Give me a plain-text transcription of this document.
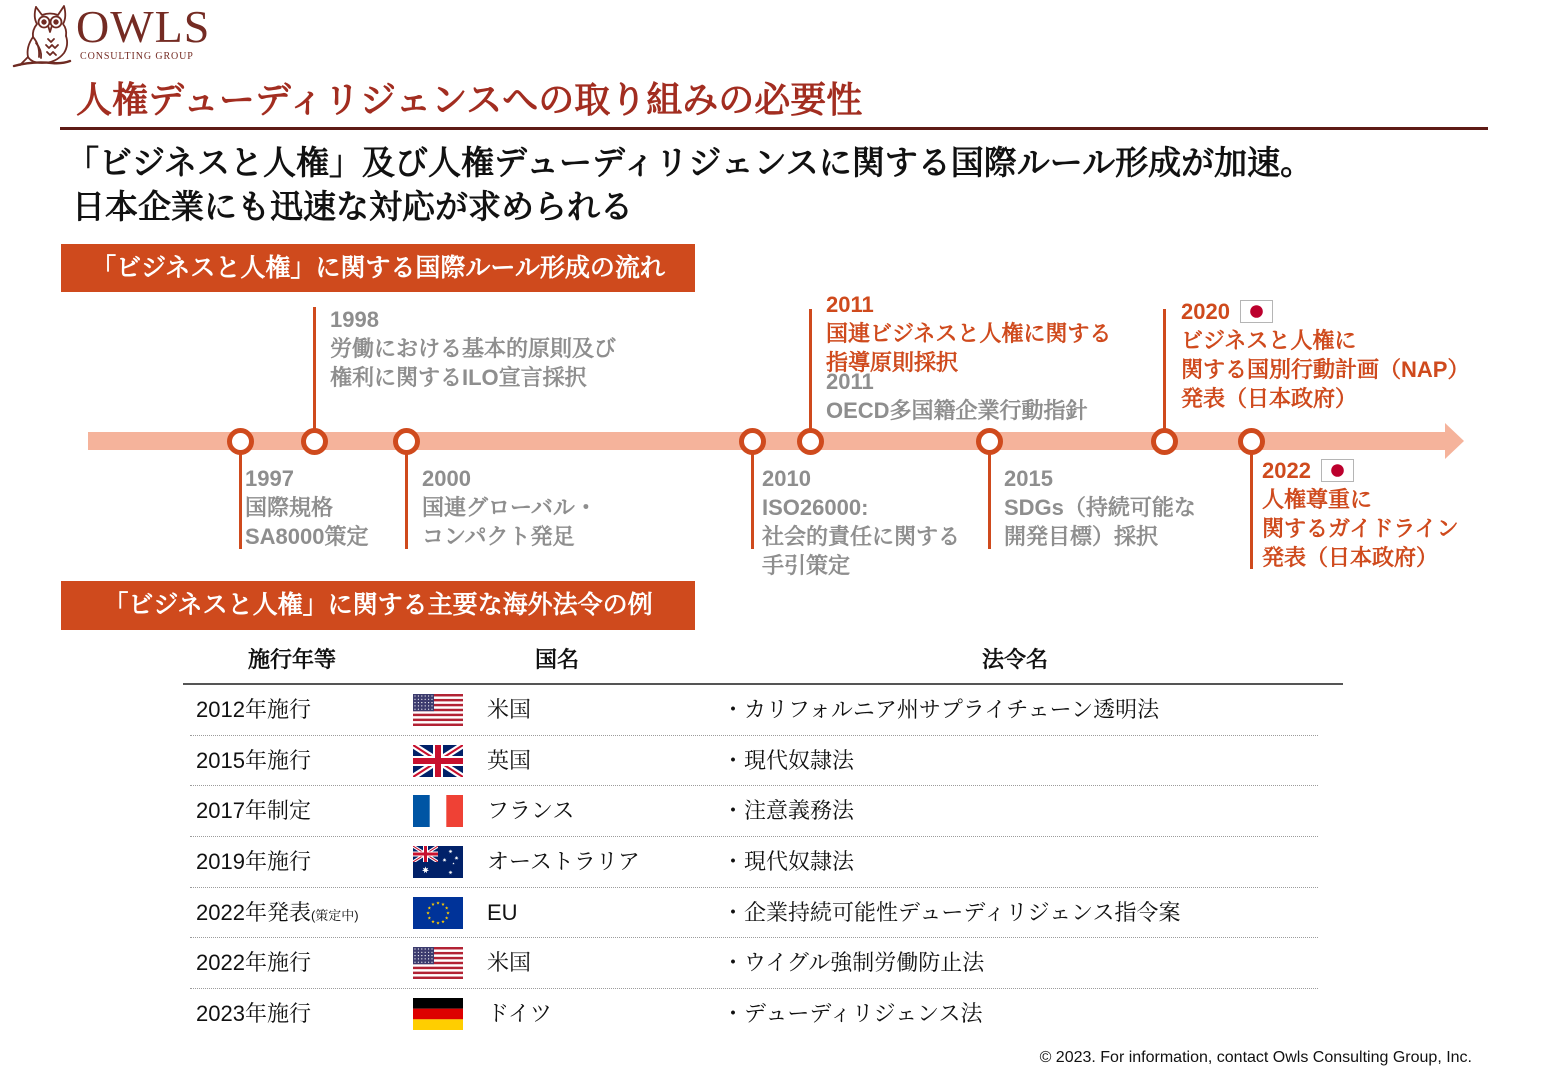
OWLS
CONSULTING GROUP
人権デューディリジェンスへの取り組みの必要性
「ビジネスと人権」及び人権デューディリジェンスに関する国際ルール形成が加速。
日本企業にも迅速な対応が求められる
「ビジネスと人権」に関する国際ルール形成の流れ
1997
国際規格
SA8000策定
1998
労働における基本的原則及び
権利に関するILO宣言採択
2000
国連グローバル・
コンパクト発足
2010
ISO26000:
社会的責任に関する
手引策定
2011
国連ビジネスと人権に関する
指導原則採択
2011
OECD多国籍企業行動指針
2015
SDGs（持続可能な
開発目標）採択
2020
ビジネスと人権に
関する国別行動計画（NAP）
発表（日本政府）
2022
人権尊重に
関するガイドライン
発表（日本政府）
「ビジネスと人権」に関する主要な海外法令の例
施行年等	国名	法令名
2012年施行	米国	・カリフォルニア州サプライチェーン透明法
2015年施行	英国	・現代奴隷法
2017年制定	フランス	・注意義務法
2019年施行	オーストラリア	・現代奴隷法
2022年発表(策定中)	EU	・企業持続可能性デューディリジェンス指令案
2022年施行	米国	・ウイグル強制労働防止法
2023年施行	ドイツ	・デューディリジェンス法
© 2023. For information, contact Owls Consulting Group, Inc.
